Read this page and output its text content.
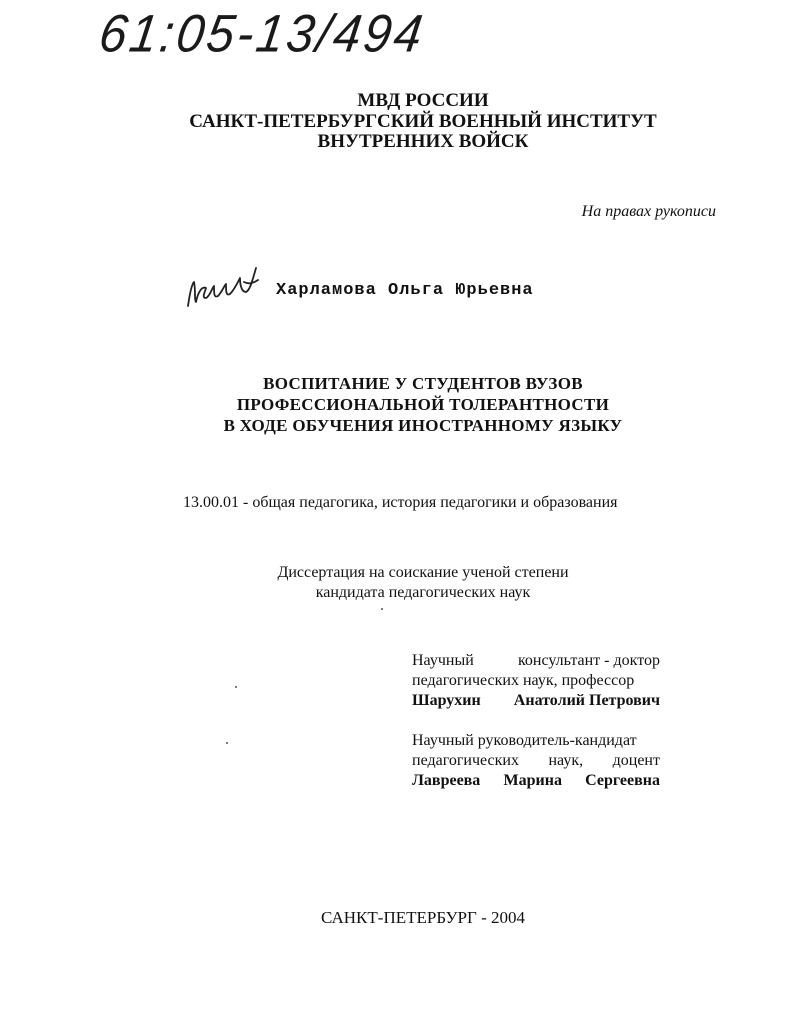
61:05-13/494
МВД РОССИИ
САНКТ-ПЕТЕРБУРГСКИЙ ВОЕННЫЙ ИНСТИТУТ
ВНУТРЕННИХ ВОЙСК
На правах рукописи
Харламова Ольга Юрьевна
ВОСПИТАНИЕ У СТУДЕНТОВ ВУЗОВ
ПРОФЕССИОНАЛЬНОЙ ТОЛЕРАНТНОСТИ
В ХОДЕ ОБУЧЕНИЯ ИНОСТРАННОМУ ЯЗЫКУ
13.00.01 - общая педагогика, история педагогики и образования
Диссертация на соискание ученой степени
кандидата педагогических наук
Научный	консультант - доктор
педагогических наук, профессор
Шарухин Анатолий Петрович
Научный руководитель-кандидат
педагогических наук, доцент
Лавреева Марина Сергеевна
САНКТ-ПЕТЕРБУРГ - 2004
